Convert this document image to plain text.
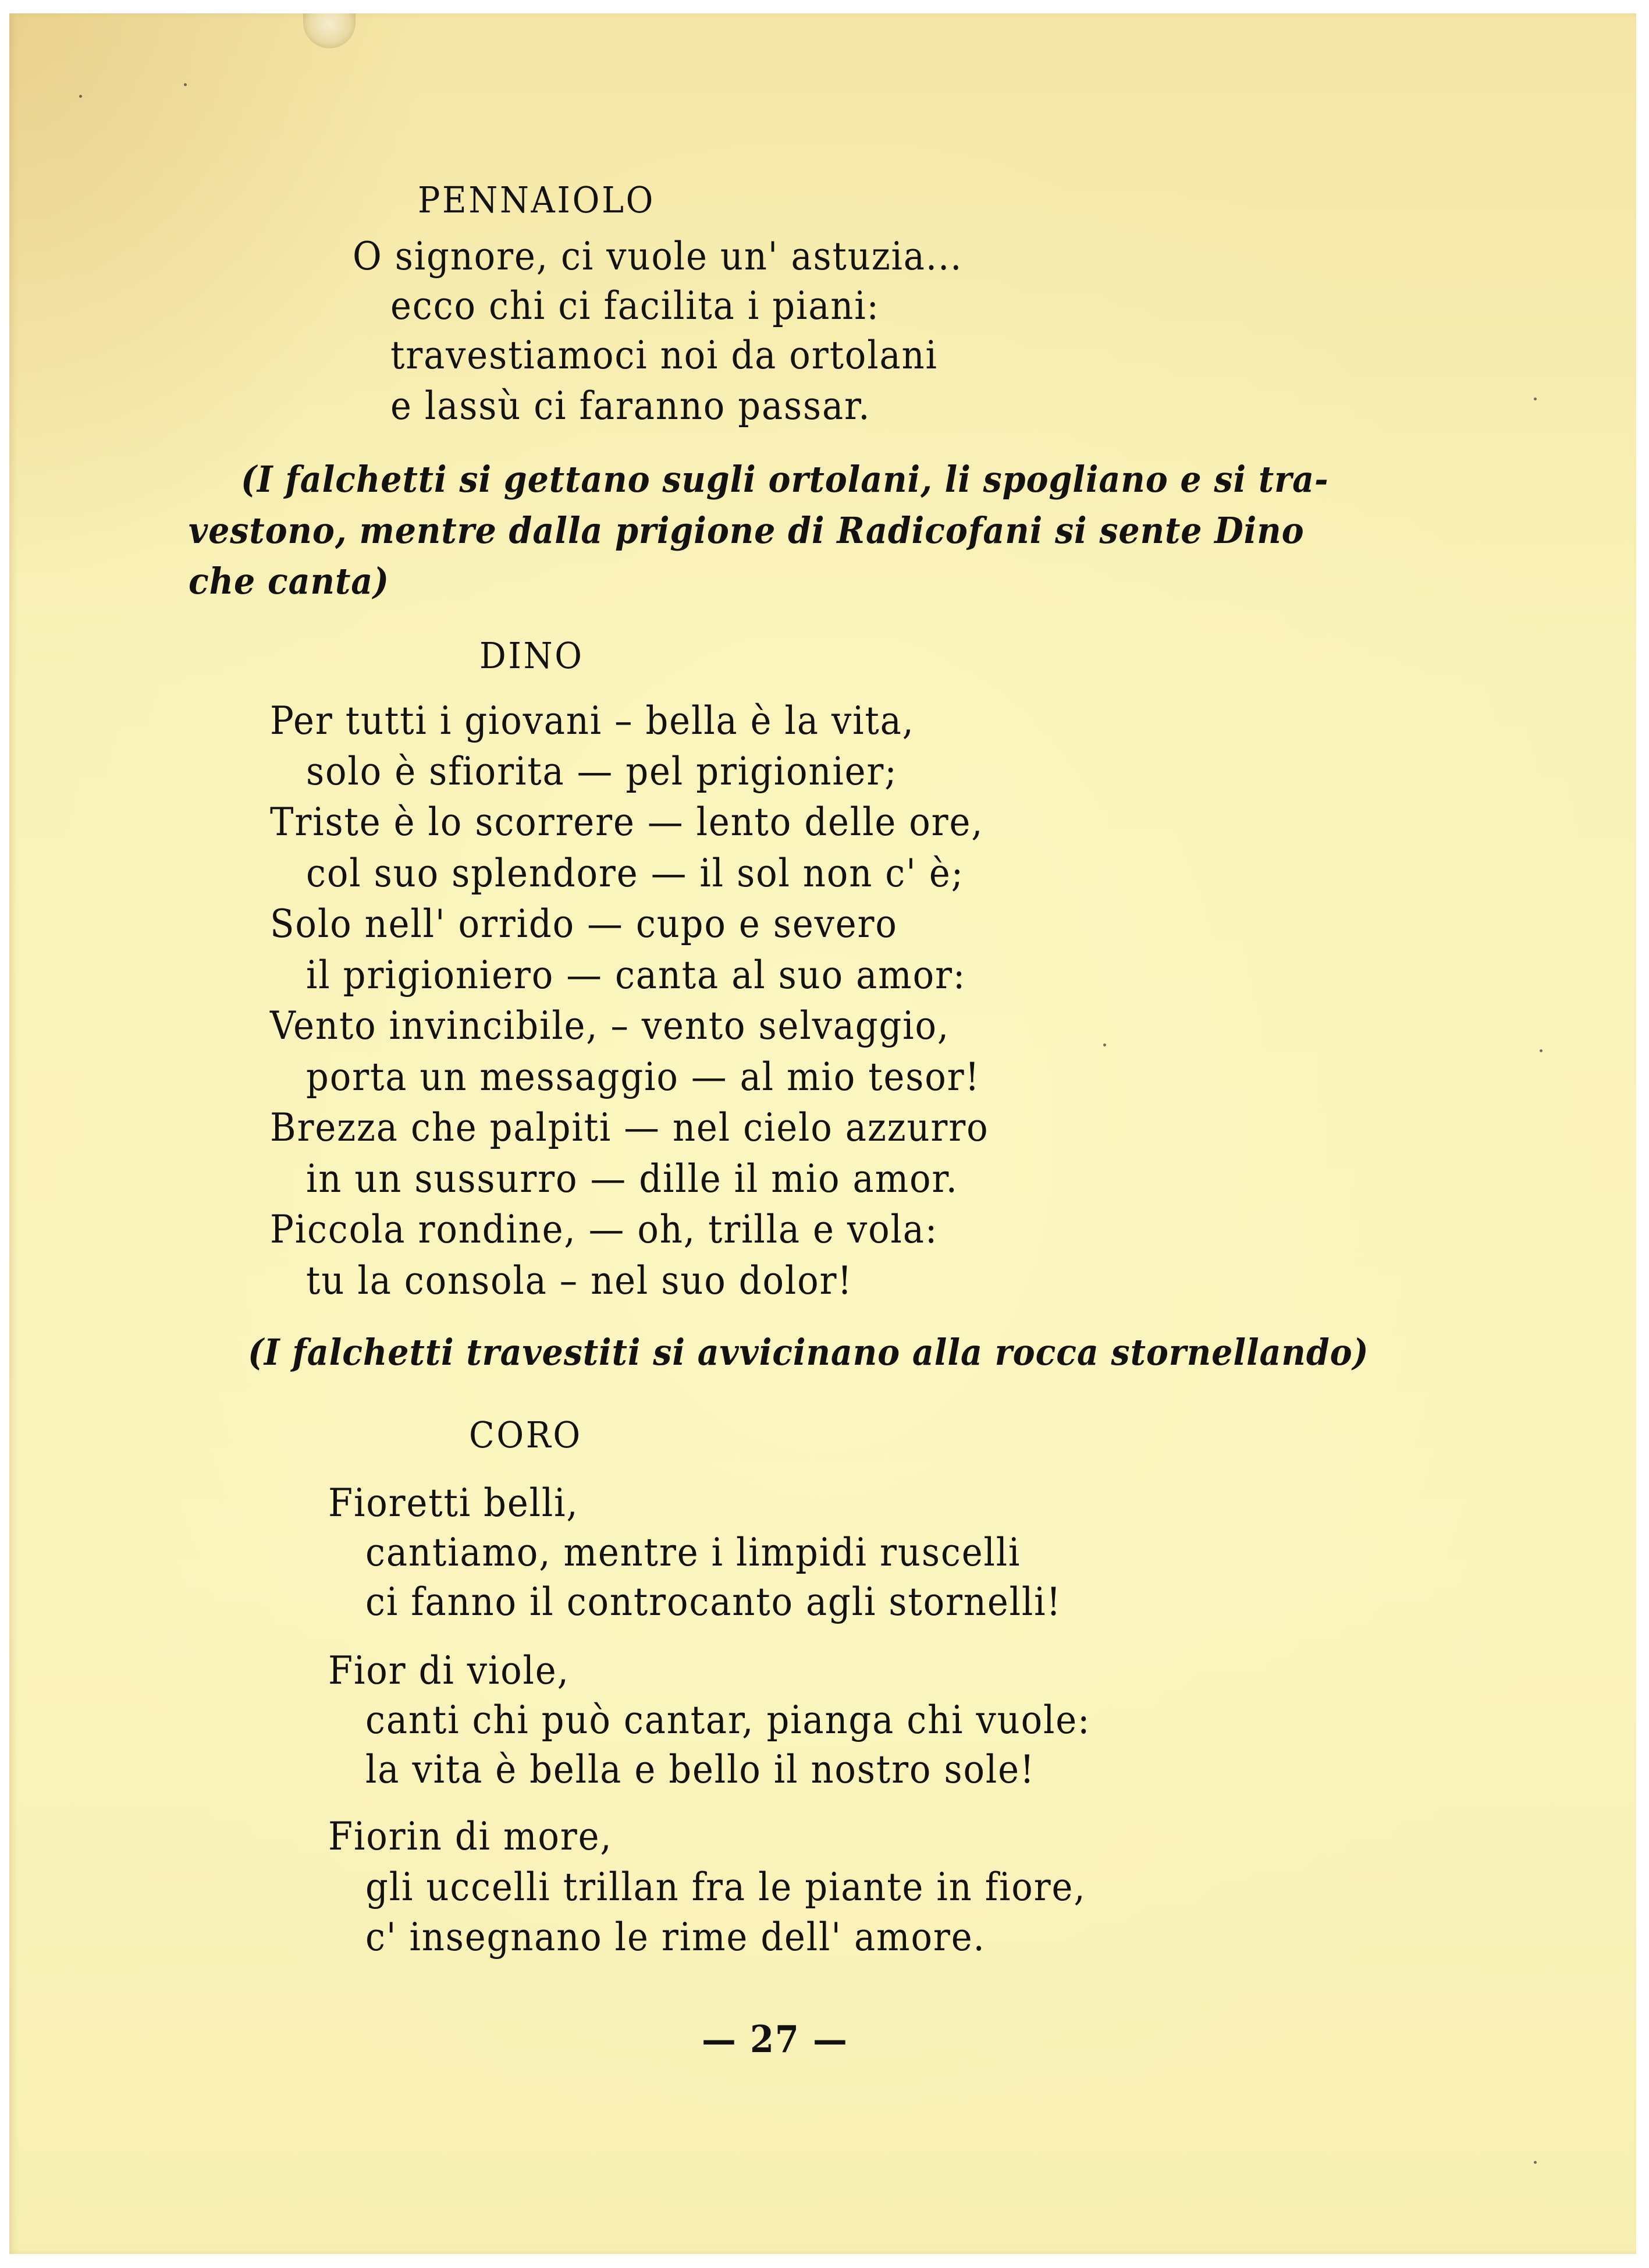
PENNAIOLO
O signore, ci vuole un' astuzia...
ecco chi ci facilita i piani:
travestiamoci noi da ortolani
e lassù ci faranno passar.
(I falchetti si gettano sugli ortolani, li spogliano e si tra-
vestono, mentre dalla prigione di Radicofani si sente Dino
che canta)
DINO
Per tutti i giovani – bella è la vita,
solo è sfiorita — pel prigionier;
Triste è lo scorrere — lento delle ore,
col suo splendore — il sol non c' è;
Solo nell' orrido — cupo e severo
il prigioniero — canta al suo amor:
Vento invincibile, – vento selvaggio,
porta un messaggio — al mio tesor!
Brezza che palpiti — nel cielo azzurro
in un sussurro — dille il mio amor.
Piccola rondine, — oh, trilla e vola:
tu la consola – nel suo dolor!
(I falchetti travestiti si avvicinano alla rocca stornellando)
CORO
Fioretti belli,
cantiamo, mentre i limpidi ruscelli
ci fanno il controcanto agli stornelli!
Fior di viole,
canti chi può cantar, pianga chi vuole:
la vita è bella e bello il nostro sole!
Fiorin di more,
gli uccelli trillan fra le piante in fiore,
c' insegnano le rime dell' amore.
— 27 —
